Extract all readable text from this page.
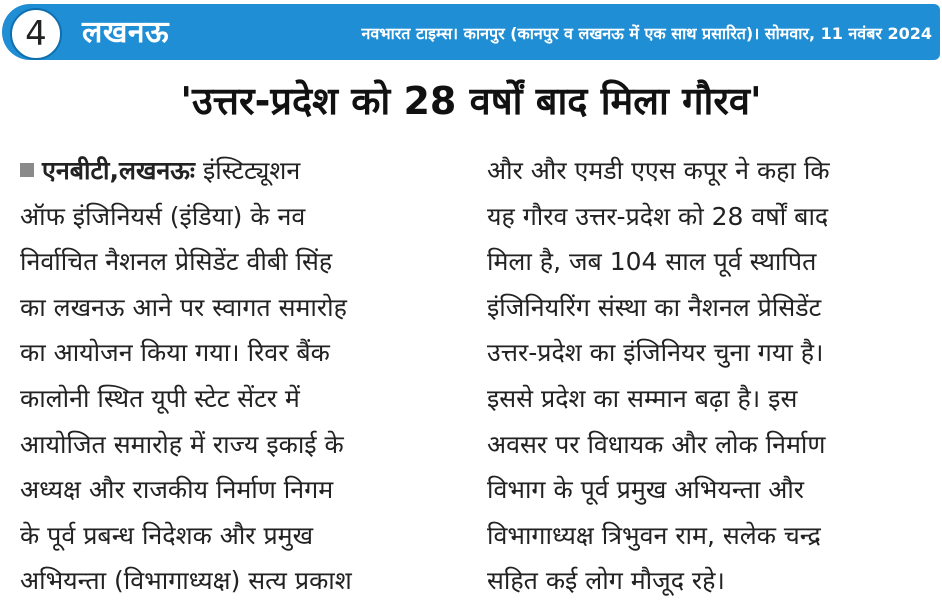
4 लखनऊ	नवभारत टाइम्स। कानपुर (कानपुर व लखनऊ में एक साथ प्रसारित)। सोमवार, 11 नवंबर 2024
'उत्तर-प्रदेश को 28 वर्षों बाद मिला गौरव'
एनबीटी,लखनऊः इंस्टिट्यूशन
ऑफ इंजिनियर्स (इंडिया) के नव
निर्वाचित नैशनल प्रेसिडेंट वीबी सिंह
का लखनऊ आने पर स्वागत समारोह
का आयोजन किया गया। रिवर बैंक
कालोनी स्थित यूपी स्टेट सेंटर में
आयोजित समारोह में राज्य इकाई के
अध्यक्ष और राजकीय निर्माण निगम
के पूर्व प्रबन्ध निदेशक और प्रमुख
अभियन्ता (विभागाध्यक्ष) सत्य प्रकाश
और और एमडी एएस कपूर ने कहा कि
यह गौरव उत्तर-प्रदेश को 28 वर्षों बाद
मिला है, जब 104 साल पूर्व स्थापित
इंजिनियरिंग संस्था का नैशनल प्रेसिडेंट
उत्तर-प्रदेश का इंजिनियर चुना गया है।
इससे प्रदेश का सम्मान बढ़ा है। इस
अवसर पर विधायक और लोक निर्माण
विभाग के पूर्व प्रमुख अभियन्ता और
विभागाध्यक्ष त्रिभुवन राम, सलेक चन्द्र
सहित कई लोग मौजूद रहे।
